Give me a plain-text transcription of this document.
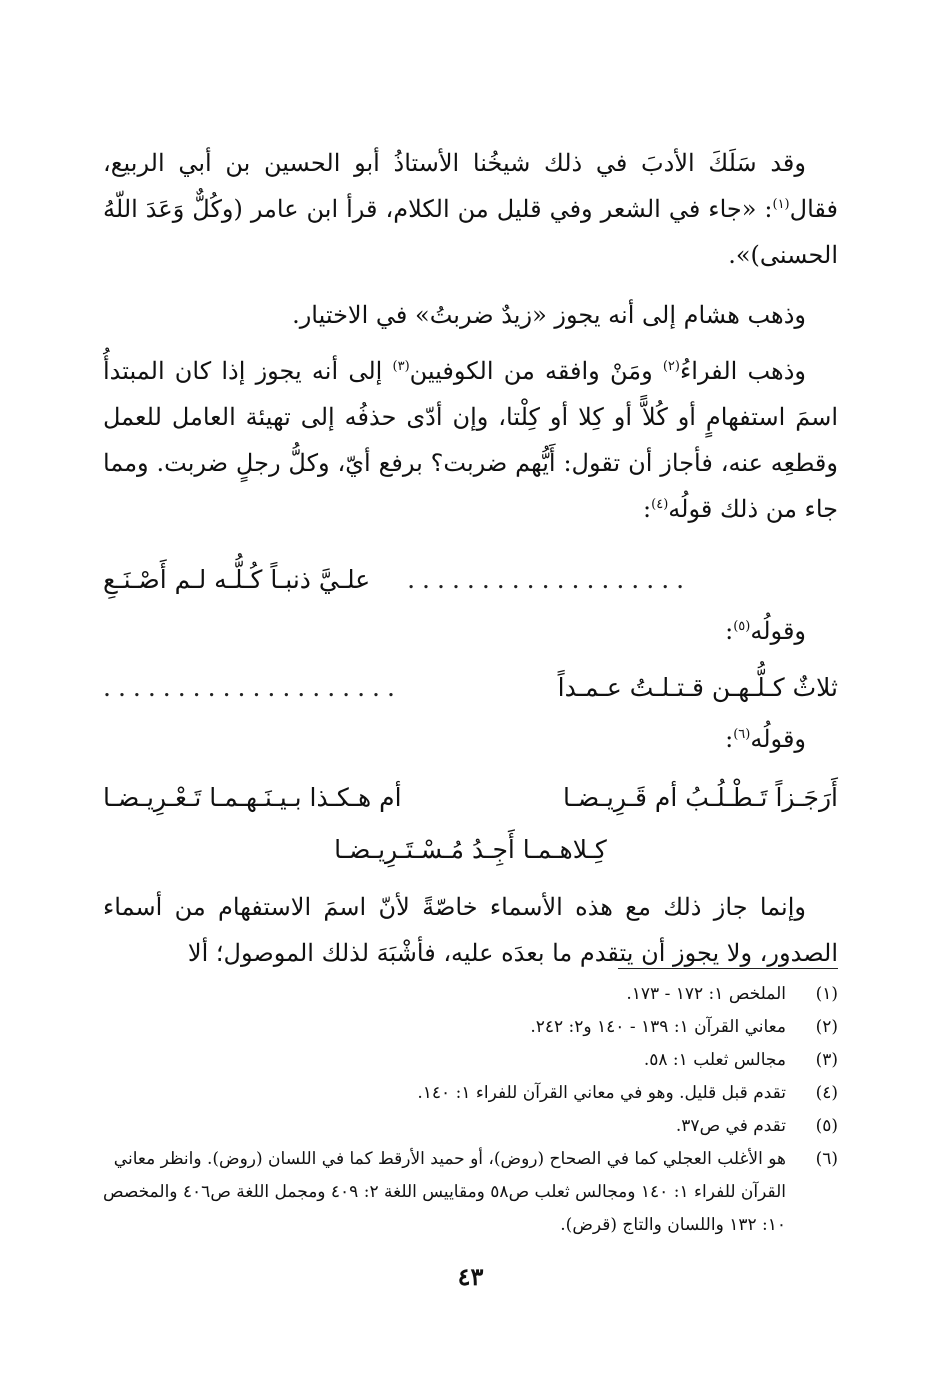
وقد سَلَكَ الأدبَ في ذلك شيخُنا الأستاذُ أبو الحسين بن أبي الربيع، فقال$^{(١)}$: «جاء في الشعر وفي قليل من الكلام، قرأ ابن عامر (وكُلٌّ وَعَدَ اللّهُ الحسنى)».

وذهب هشام إلى أنه يجوز «زيدٌ ضربتُ» في الاختيار.

وذهب الفراءُ$^{(٢)}$ ومَنْ وافقه من الكوفيين$^{(٣)}$ إلى أنه يجوز إذا كان المبتدأُ اسمَ استفهامٍ أو كُلاًّ أو كِلا أو كِلْتا، وإن أدّى حذفُه إلى تهيئة العامل للعمل وقطعِه عنه، فأجاز أن تقول: أَيُّهم ضربت؟ برفع أيّ، وكلُّ رجلٍ ضربت. ومما جاء من ذلك قولُه$^{(٤)}$:

...................
علـيَّ ذنبـاً كُـلُّـه لـم أَصْـنَـعِ

وقولُه$^{(٥)}$:

ثلاثٌ كـلُّـهـن قـتـلـتُ عـمـداً
....................

وقولُه$^{(٦)}$:

أَرَجَـزاً تَـطْـلُـبُ أم قَـرِيـضـا
أم هـكـذا بـيـنَـهـمـا تَـعْـرِيـضـا
كِـلاهـمـا أَجِـدُ مُـسْـتَـرِيـضـا

وإنما جاز ذلك مع هذه الأسماء خاصّةً لأنّ اسمَ الاستفهام من أسماء الصدور، ولا يجوز أن يتقدم ما بعدَه عليه، فأشْبَهَ لذلك الموصول؛ ألا

(١)
الملخص ١: ١٧٢ - ١٧٣.
(٢)
معاني القرآن ١: ١٣٩ - ١٤٠ و٢: ٢٤٢.
(٣)
مجالس ثعلب ١: ٥٨.
(٤)
تقدم قبل قليل. وهو في معاني القرآن للفراء ١: ١٤٠.
(٥)
تقدم في ص٣٧.
(٦)
هو الأغلب العجلي كما في الصحاح (روض)، أو حميد الأرقط كما في اللسان (روض). وانظر معاني القرآن للفراء ١: ١٤٠ ومجالس ثعلب ص٥٨ ومقاييس اللغة ٢: ٤٠٩ ومجمل اللغة ص٤٠٦ والمخصص ١٠: ١٣٢ واللسان والتاج (قرض).
٤٣
